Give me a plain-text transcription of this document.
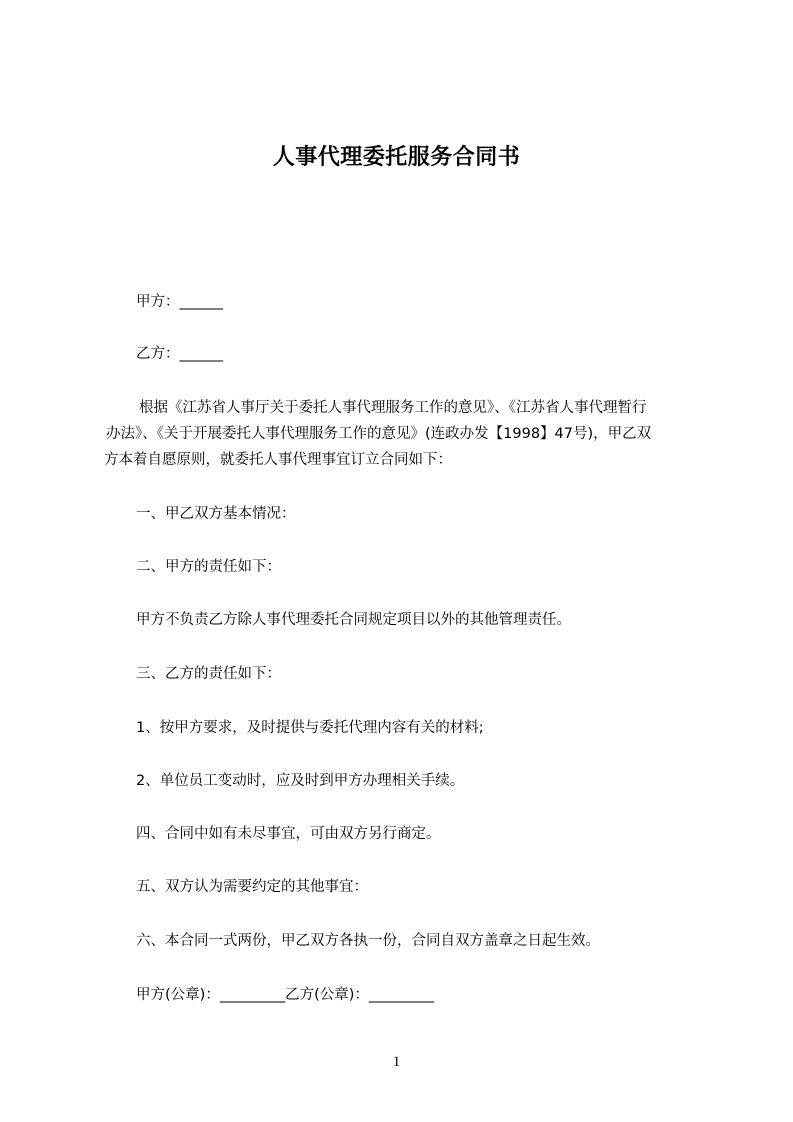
人事代理委托服务合同书
甲方：______
乙方：______
根据《江苏省人事厅关于委托人事代理服务工作的意见》、《江苏省人事代理暂行
办法》、《关于开展委托人事代理服务工作的意见》(连政办发【1998】47号)，甲乙双
方本着自愿原则，就委托人事代理事宜订立合同如下：
一、甲乙双方基本情况：
二、甲方的责任如下：
甲方不负责乙方除人事代理委托合同规定项目以外的其他管理责任。
三、乙方的责任如下：
1、按甲方要求，及时提供与委托代理内容有关的材料;
2、单位员工变动时，应及时到甲方办理相关手续。
四、合同中如有未尽事宜，可由双方另行商定。
五、双方认为需要约定的其他事宜：
六、本合同一式两份，甲乙双方各执一份，合同自双方盖章之日起生效。
甲方(公章)：_________乙方(公章)：_________
1
